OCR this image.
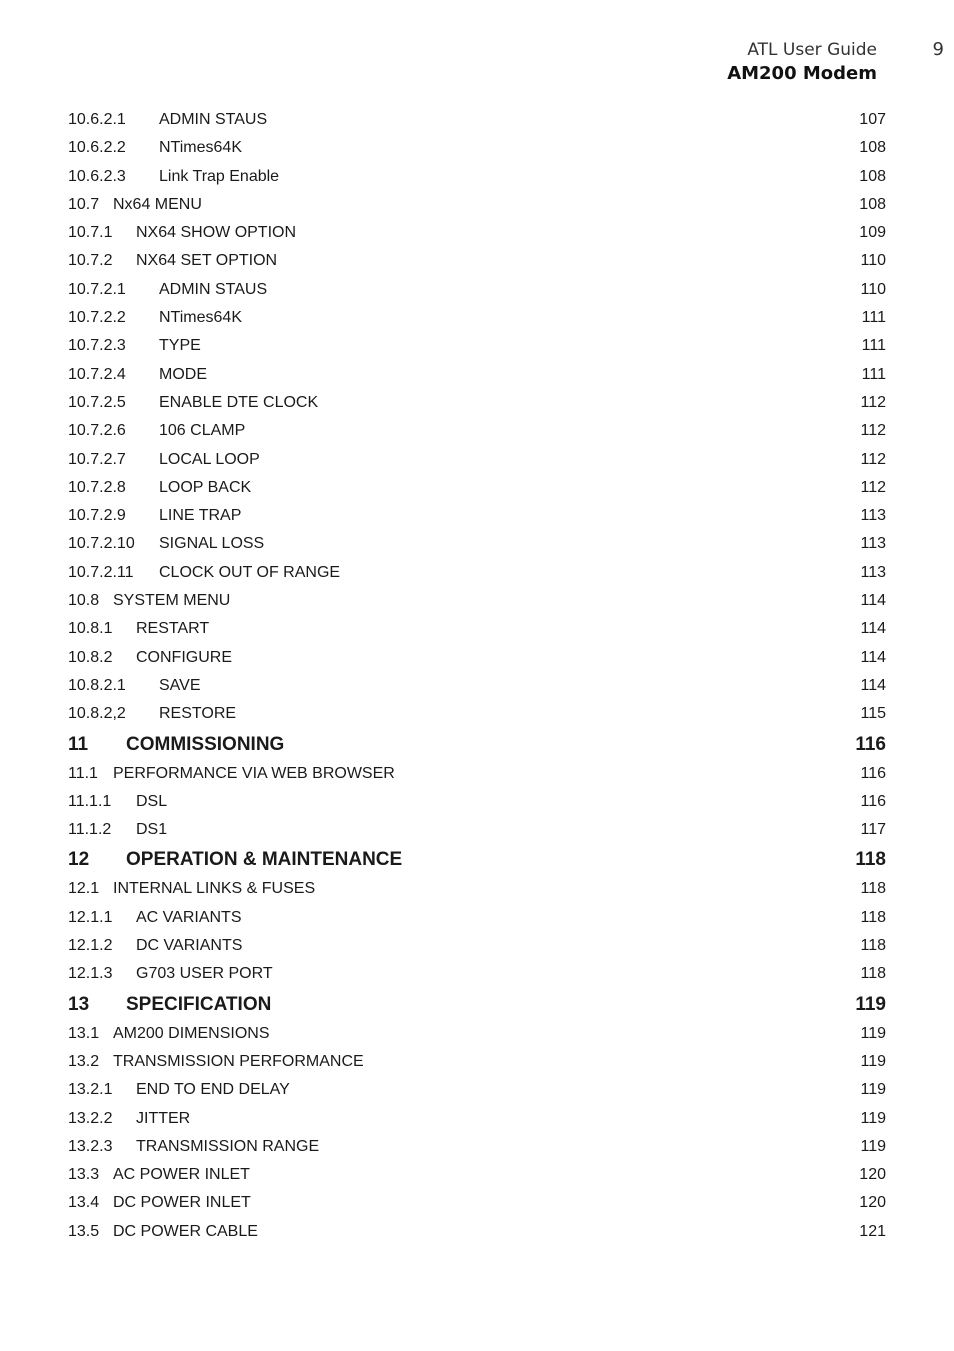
ATL User Guide
AM200 Modem
9
10.6.2.1 ADMIN STAUS	107
10.6.2.2 NTimes64K	108
10.6.2.3 Link Trap Enable	108
10.7 Nx64 MENU	108
10.7.1 NX64 SHOW OPTION	109
10.7.2 NX64 SET OPTION	110
10.7.2.1 ADMIN STAUS	110
10.7.2.2 NTimes64K	111
10.7.2.3 TYPE	111
10.7.2.4 MODE	111
10.7.2.5 ENABLE DTE CLOCK	112
10.7.2.6 106 CLAMP	112
10.7.2.7 LOCAL LOOP	112
10.7.2.8 LOOP BACK	112
10.7.2.9 LINE TRAP	113
10.7.2.10 SIGNAL LOSS	113
10.7.2.11 CLOCK OUT OF RANGE	113
10.8 SYSTEM MENU	114
10.8.1 RESTART	114
10.8.2 CONFIGURE	114
10.8.2.1 SAVE	114
10.8.2,2 RESTORE	115
11 COMMISSIONING	116
11.1 PERFORMANCE VIA WEB BROWSER	116
11.1.1 DSL	116
11.1.2 DS1	117
12 OPERATION & MAINTENANCE	118
12.1 INTERNAL LINKS & FUSES	118
12.1.1 AC VARIANTS	118
12.1.2 DC VARIANTS	118
12.1.3 G703 USER PORT	118
13 SPECIFICATION	119
13.1 AM200 DIMENSIONS	119
13.2 TRANSMISSION PERFORMANCE	119
13.2.1 END TO END DELAY	119
13.2.2 JITTER	119
13.2.3 TRANSMISSION RANGE	119
13.3 AC POWER INLET	120
13.4 DC POWER INLET	120
13.5 DC POWER CABLE	121
